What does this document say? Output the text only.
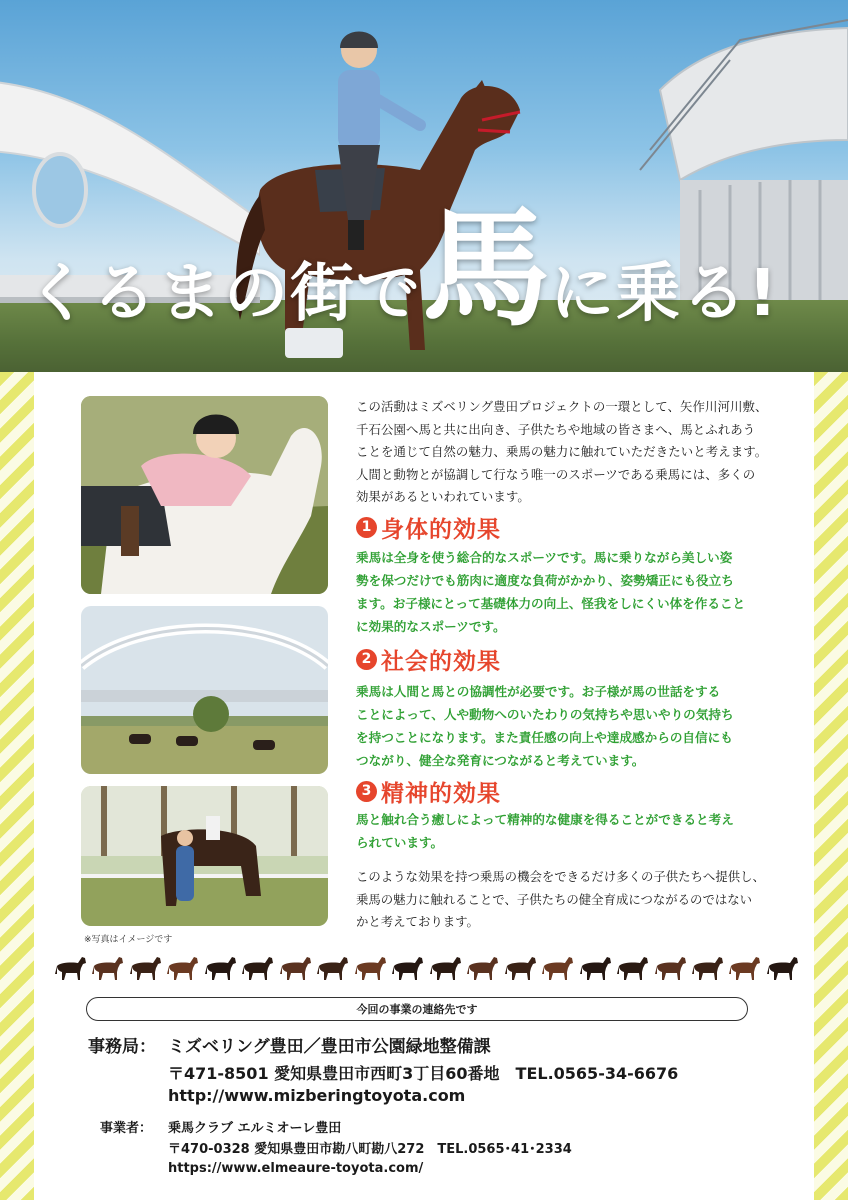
くるまの街で馬に乗る!
※写真はイメージです

この活動はミズベリング豊田プロジェクトの一環として、矢作川河川敷、

千石公園へ馬と共に出向き、子供たちや地域の皆さまへ、馬とふれあう

ことを通じて自然の魅力、乗馬の魅力に触れていただきたいと考えます。

人間と動物とが協調して行なう唯一のスポーツである乗馬には、多くの

効果があるといわれています。

1 身体的効果

乗馬は全身を使う総合的なスポーツです。馬に乗りながら美しい姿

勢を保つだけでも筋肉に適度な負荷がかかり、姿勢矯正にも役立ち

ます。お子様にとって基礎体力の向上、怪我をしにくい体を作ること

に効果的なスポーツです。

2 社会的効果

乗馬は人間と馬との協調性が必要です。お子様が馬の世話をする

ことによって、人や動物へのいたわりの気持ちや思いやりの気持ち

を持つことになります。また責任感の向上や達成感からの自信にも

つながり、健全な発育につながると考えています。

3 精神的効果

馬と触れ合う癒しによって精神的な健康を得ることができると考え

られています。

このような効果を持つ乗馬の機会をできるだけ多くの子供たちへ提供し、

乗馬の魅力に触れることで、子供たちの健全育成につながるのではない

かと考えております。

今回の事業の連絡先です
事務局： ミズベリング豊田／豊田市公園緑地整備課
〒471-8501 愛知県豊田市西町3丁目60番地　TEL.0565-34-6676
http://www.mizberingtoyota.com
事業者： 乗馬クラブ エルミオーレ豊田
〒470-0328 愛知県豊田市勘八町勘八272　TEL.0565･41･2334
https://www.elmeaure-toyota.com/
